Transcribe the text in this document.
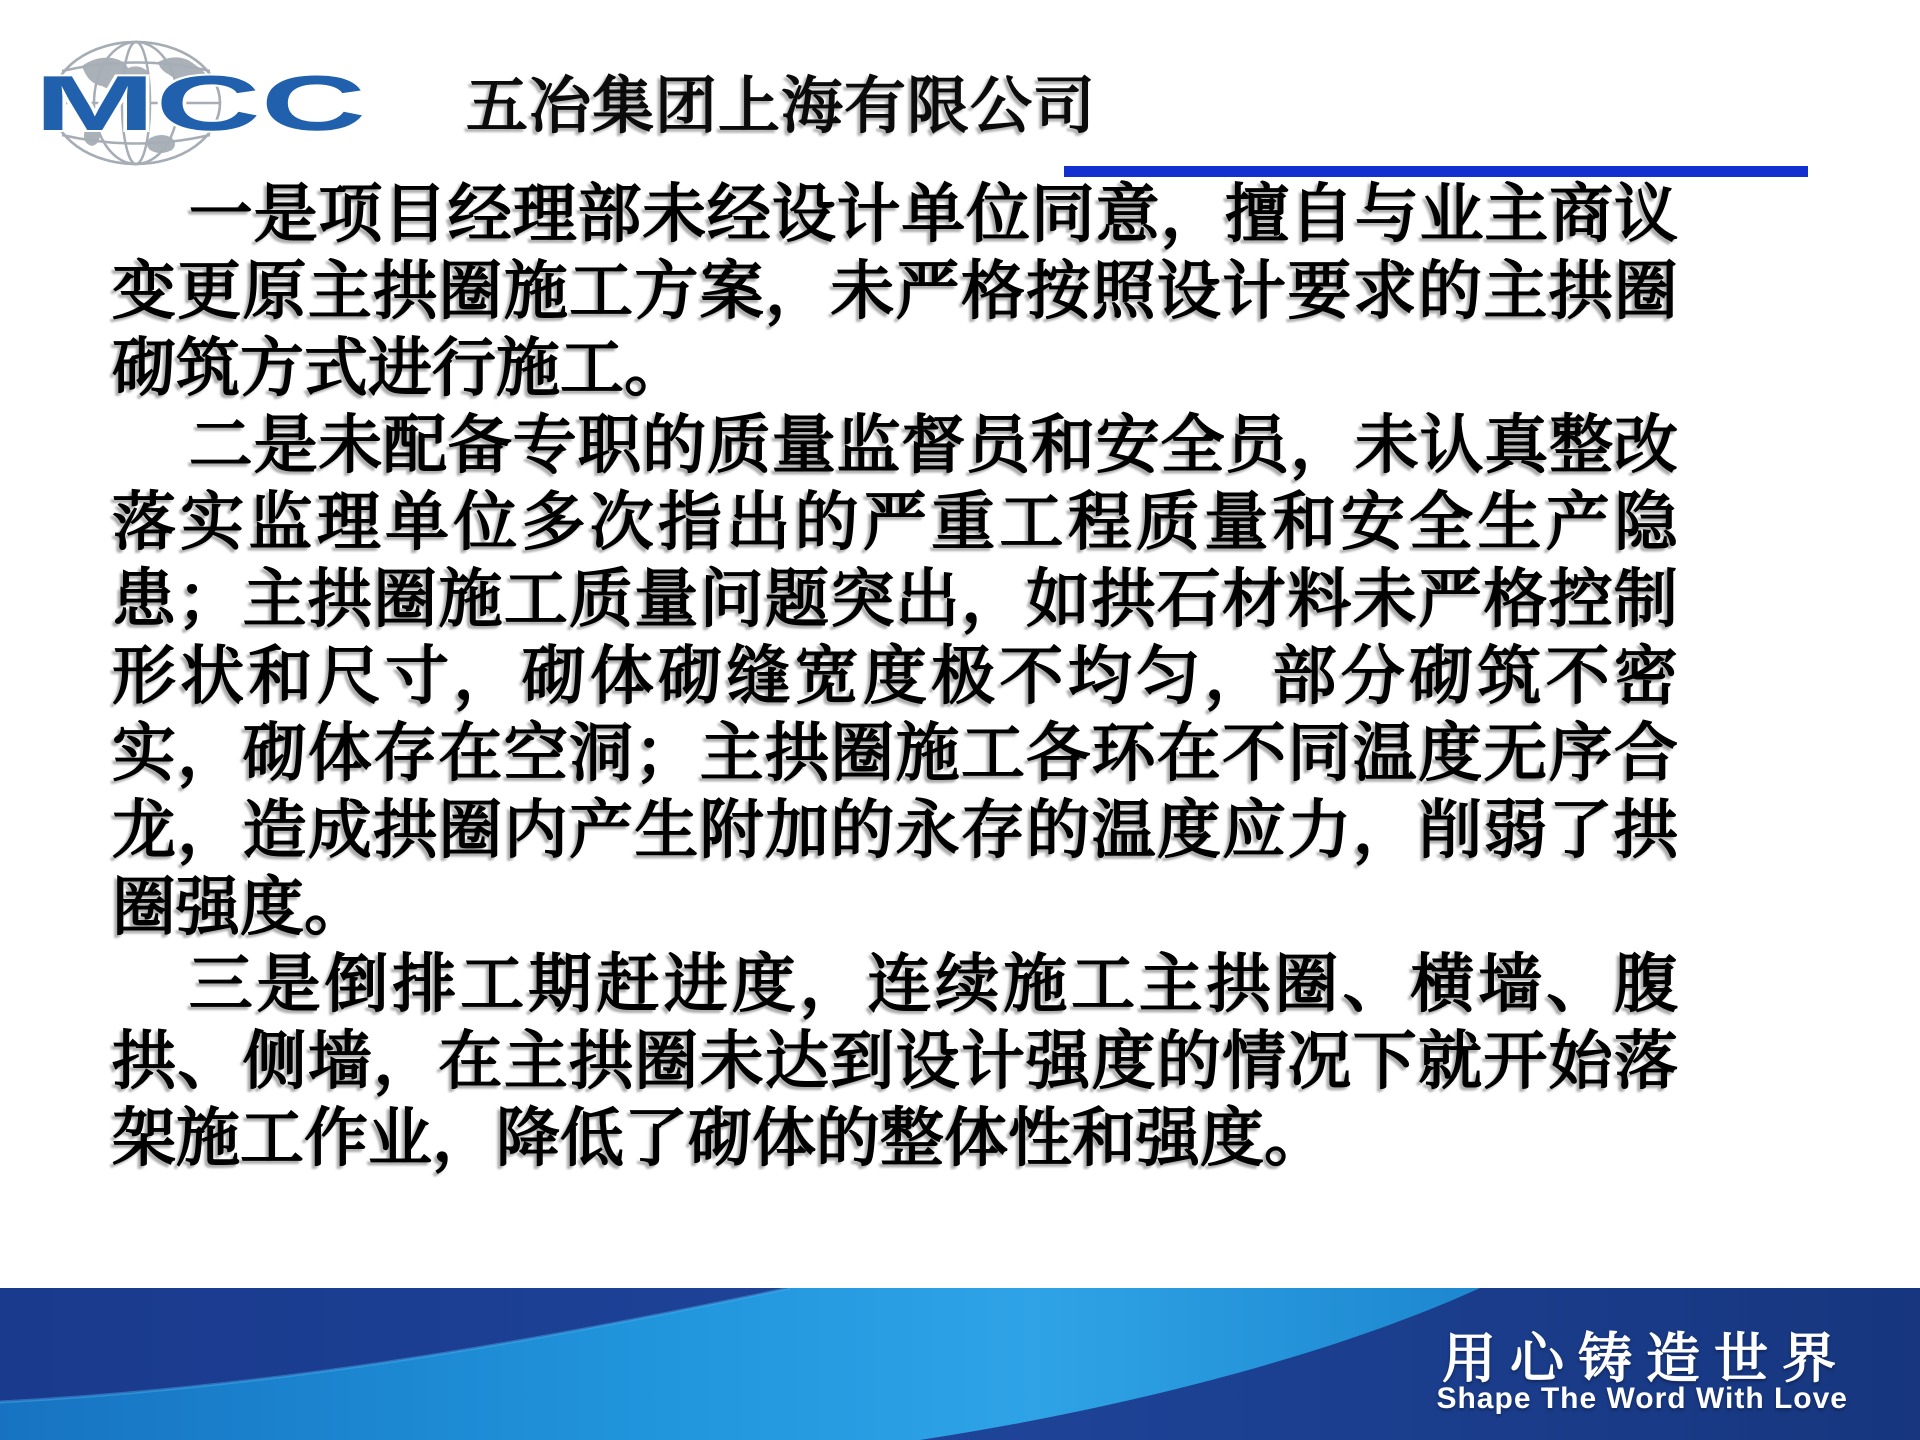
MCC 五冶集团上海有限公司

一是项目经理部未经设计单位同意，擅自与业主商议变更原主拱圈施工方案，未严格按照设计要求的主拱圈砌筑方式进行施工。

二是未配备专职的质量监督员和安全员，未认真整改落实监理单位多次指出的严重工程质量和安全生产隐患；主拱圈施工质量问题突出，如拱石材料未严格控制形状和尺寸，砌体砌缝宽度极不均匀，部分砌筑不密实，砌体存在空洞；主拱圈施工各环在不同温度无序合龙，造成拱圈内产生附加的永存的温度应力，削弱了拱圈强度。

三是倒排工期赶进度，连续施工主拱圈、横墙、腹拱、侧墙，在主拱圈未达到设计强度的情况下就开始落架施工作业，降低了砌体的整体性和强度。

用心铸造世界
Shape The Word With Love
